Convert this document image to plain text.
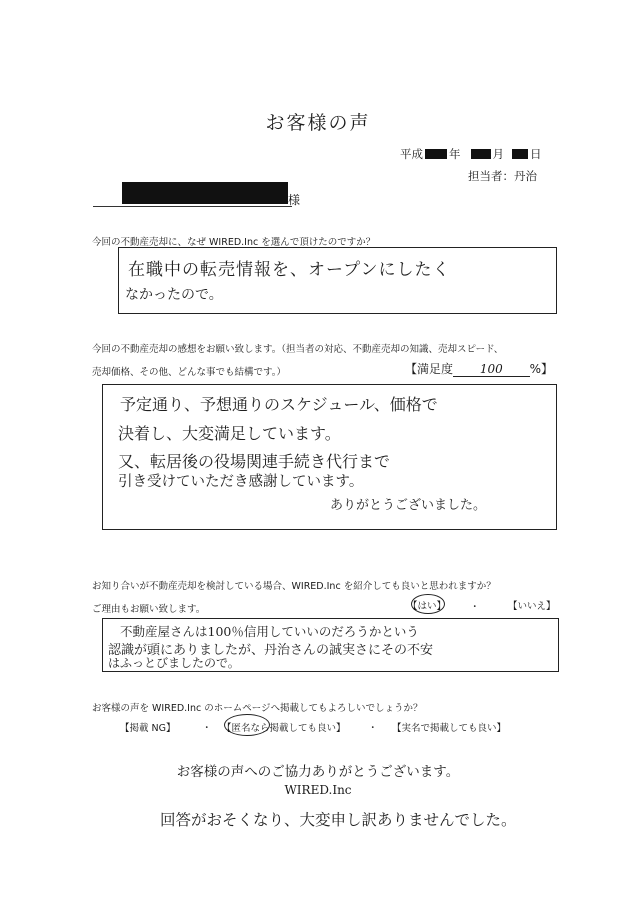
お客様の声
平成 年	月 日
担当者：丹治
様
今回の不動産売却に、なぜ WIRED.Inc を選んで頂けたのですか？
在職中の転売情報を、オープンにしたく
なかったので。
今回の不動産売却の感想をお願い致します。（担当者の対応、不動産売却の知識、売却スピード、
売却価格、その他、どんな事でも結構です。）	【満足度	100	%】
予定通り、予想通りのスケジュール、価格で
決着し、大変満足しています。
又、転居後の役場関連手続き代行まで
引き受けていただき感謝しています。
ありがとうございました。
お知り合いが不動産売却を検討している場合、WIRED.Inc を紹介しても良いと思われますか？
ご理由もお願い致します。	【はい】	・	【いいえ】
不動産屋さんは100％信用していいのだろうかという
認識が頭にありましたが、丹治さんの誠実さにその不安
はふっとびましたので。
お客様の声を WIRED.Inc のホームページへ掲載してもよろしいでしょうか？
【掲載 NG】	・ 【匿名なら掲載しても良い】 ・ 【実名で掲載しても良い】
お客様の声へのご協力ありがとうございます。
WIRED.Inc
回答がおそくなり、大変申し訳ありませんでした。
